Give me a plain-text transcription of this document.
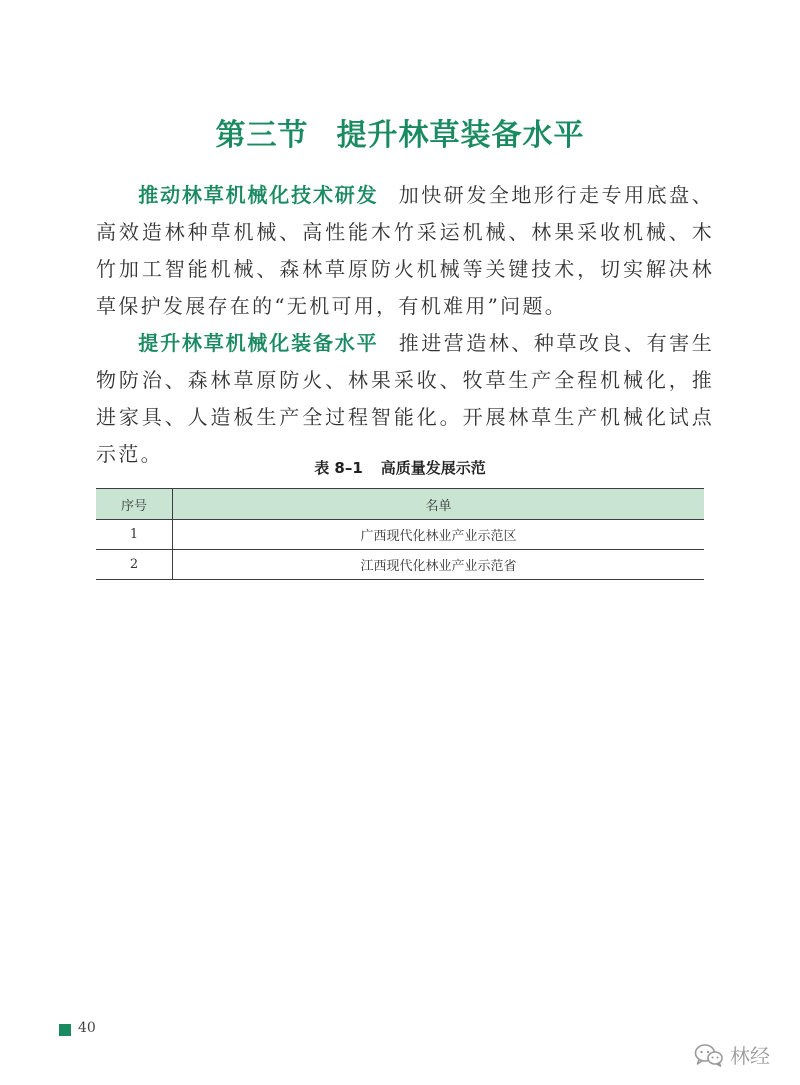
第三节 提升林草装备水平

推动林草机械化技术研发 加快研发全地形行走专用底盘、高效造林种草机械、高性能木竹采运机械、林果采收机械、木竹加工智能机械、森林草原防火机械等关键技术，切实解决林草保护发展存在的“无机可用，有机难用”问题。

提升林草机械化装备水平 推进营造林、种草改良、有害生物防治、森林草原防火、林果采收、牧草生产全程机械化，推进家具、人造板生产全过程智能化。开展林草生产机械化试点示范。

表 8–1 高质量发展示范
序号	名单
1	广西现代化林业产业示范区
2	江西现代化林业产业示范省
40
林经
